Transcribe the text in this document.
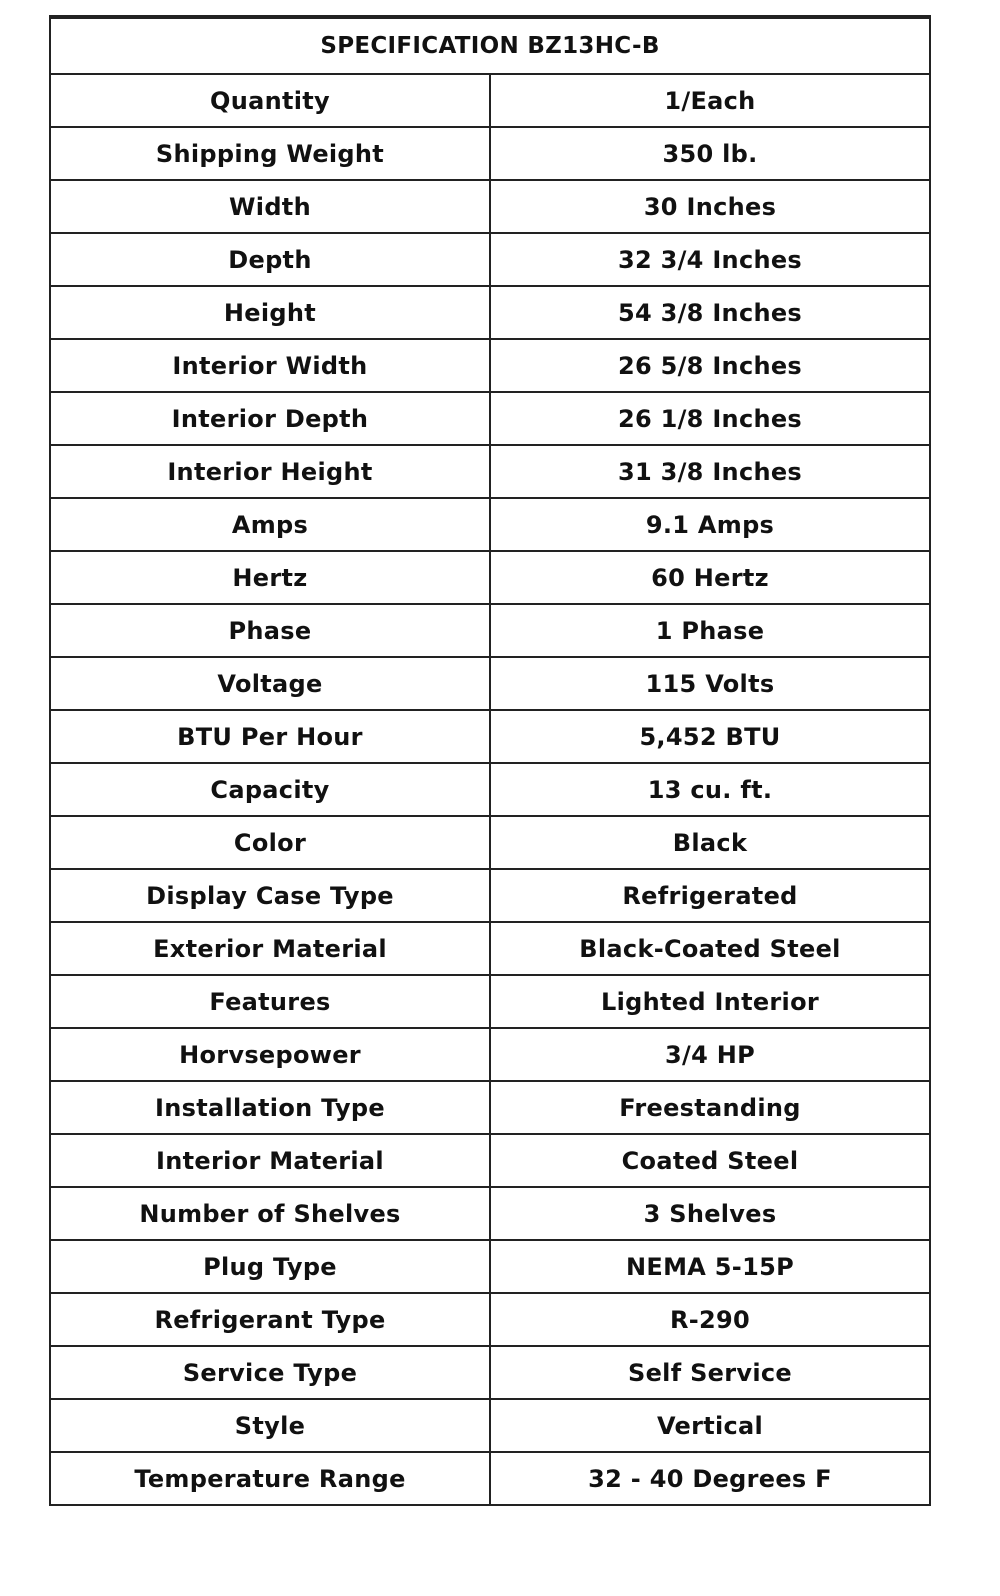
SPECIFICATION BZ13HC-B	
Quantity	1/Each
Shipping Weight	350 lb.
Width	30 Inches
Depth	32 3/4 Inches
Height	54 3/8 Inches
Interior Width	26 5/8 Inches
Interior Depth	26 1/8 Inches
Interior Height	31 3/8 Inches
Amps	9.1 Amps
Hertz	60 Hertz
Phase	1 Phase
Voltage	115 Volts
BTU Per Hour	5,452 BTU
Capacity	13 cu. ft.
Color	Black
Display Case Type	Refrigerated
Exterior Material	Black-Coated Steel
Features	Lighted Interior
Horvsepower	3/4 HP
Installation Type	Freestanding
Interior Material	Coated Steel
Number of Shelves	3 Shelves
Plug Type	NEMA 5-15P
Refrigerant Type	R-290
Service Type	Self Service
Style	Vertical
Temperature Range	32 - 40 Degrees F
